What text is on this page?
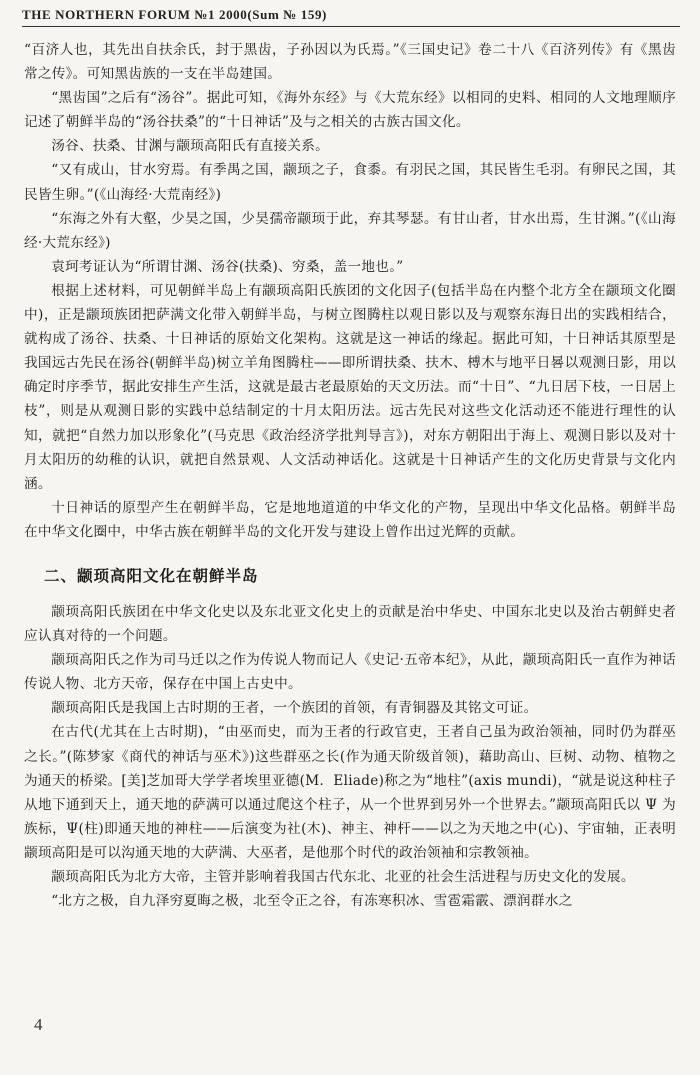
THE NORTHERN FORUM №1 2000(Sum № 159)

“百济人也，其先出自扶余氏，封于黑齿，子孙因以为氏焉。”《三国史记》卷二十八《百济列传》有《黑齿常之传》。可知黑齿族的一支在半岛建国。

“黑齿国”之后有“汤谷”。据此可知，《海外东经》与《大荒东经》以相同的史料、相同的人文地理顺序记述了朝鲜半岛的“汤谷扶桑”的“十日神话”及与之相关的古族古国文化。

汤谷、扶桑、甘渊与颛顼高阳氏有直接关系。

“又有成山，甘水穷焉。有季禺之国，颛顼之子，食黍。有羽民之国，其民皆生毛羽。有卵民之国，其民皆生卵。”(《山海经·大荒南经》)

“东海之外有大壑，少昊之国，少昊孺帝颛顼于此，弃其琴瑟。有甘山者，甘水出焉，生甘渊。”(《山海经·大荒东经》)

袁珂考证认为“所谓甘渊、汤谷(扶桑)、穷桑，盖一地也。”

根据上述材料，可见朝鲜半岛上有颛顼高阳氏族团的文化因子(包括半岛在内整个北方全在颛顼文化圈中)，正是颛顼族团把萨满文化带入朝鲜半岛，与树立图腾柱以观日影以及与观察东海日出的实践相结合，就构成了汤谷、扶桑、十日神话的原始文化架构。这就是这一神话的缘起。据此可知，十日神话其原型是我国远古先民在汤谷(朝鲜半岛)树立羊角图腾柱——即所谓扶桑、扶木、榑木与地平日晷以观测日影，用以确定时序季节，据此安排生产生活，这就是最古老最原始的天文历法。而“十日”、“九日居下枝，一日居上枝”，则是从观测日影的实践中总结制定的十月太阳历法。远古先民对这些文化活动还不能进行理性的认知，就把“自然力加以形象化”(马克思《政治经济学批判导言》)，对东方朝阳出于海上、观测日影以及对十月太阳历的幼稚的认识，就把自然景观、人文活动神话化。这就是十日神话产生的文化历史背景与文化内涵。

十日神话的原型产生在朝鲜半岛，它是地地道道的中华文化的产物，呈现出中华文化品格。朝鲜半岛在中华文化圈中，中华古族在朝鲜半岛的文化开发与建设上曾作出过光辉的贡献。

二、颛顼高阳文化在朝鲜半岛

颛顼高阳氏族团在中华文化史以及东北亚文化史上的贡献是治中华史、中国东北史以及治古朝鲜史者应认真对待的一个问题。

颛顼高阳氏之作为司马迁以之作为传说人物而记人《史记·五帝本纪》，从此，颛顼高阳氏一直作为神话传说人物、北方天帝，保存在中国上古史中。

颛顼高阳氏是我国上古时期的王者，一个族团的首领，有青铜器及其铭文可证。

在古代(尤其在上古时期)，“由巫而史，而为王者的行政官吏，王者自己虽为政治领袖，同时仍为群巫之长。”(陈梦家《商代的神话与巫术》)这些群巫之长(作为通天阶级首领)，藉助高山、巨树、动物、植物之为通天的桥梁。[美]芝加哥大学学者埃里亚德(M．Eliade)称之为“地柱”(axis mundi)，“就是说这种柱子从地下通到天上，通天地的萨满可以通过爬这个柱子，从一个世界到另外一个世界去。”颛顼高阳氏以 Ψ 为族标，Ψ(柱)即通天地的神柱——后演变为社(木)、神主、神杆——以之为天地之中(心)、宇宙轴，正表明颛顼高阳是可以沟通天地的大萨满、大巫者，是他那个时代的政治领袖和宗教领袖。

颛顼高阳氏为北方大帝，主管并影响着我国古代东北、北亚的社会生活进程与历史文化的发展。

“北方之极，自九泽穷夏晦之极，北至令正之谷，有冻寒积冰、雪雹霜霰、漂润群水之

4
